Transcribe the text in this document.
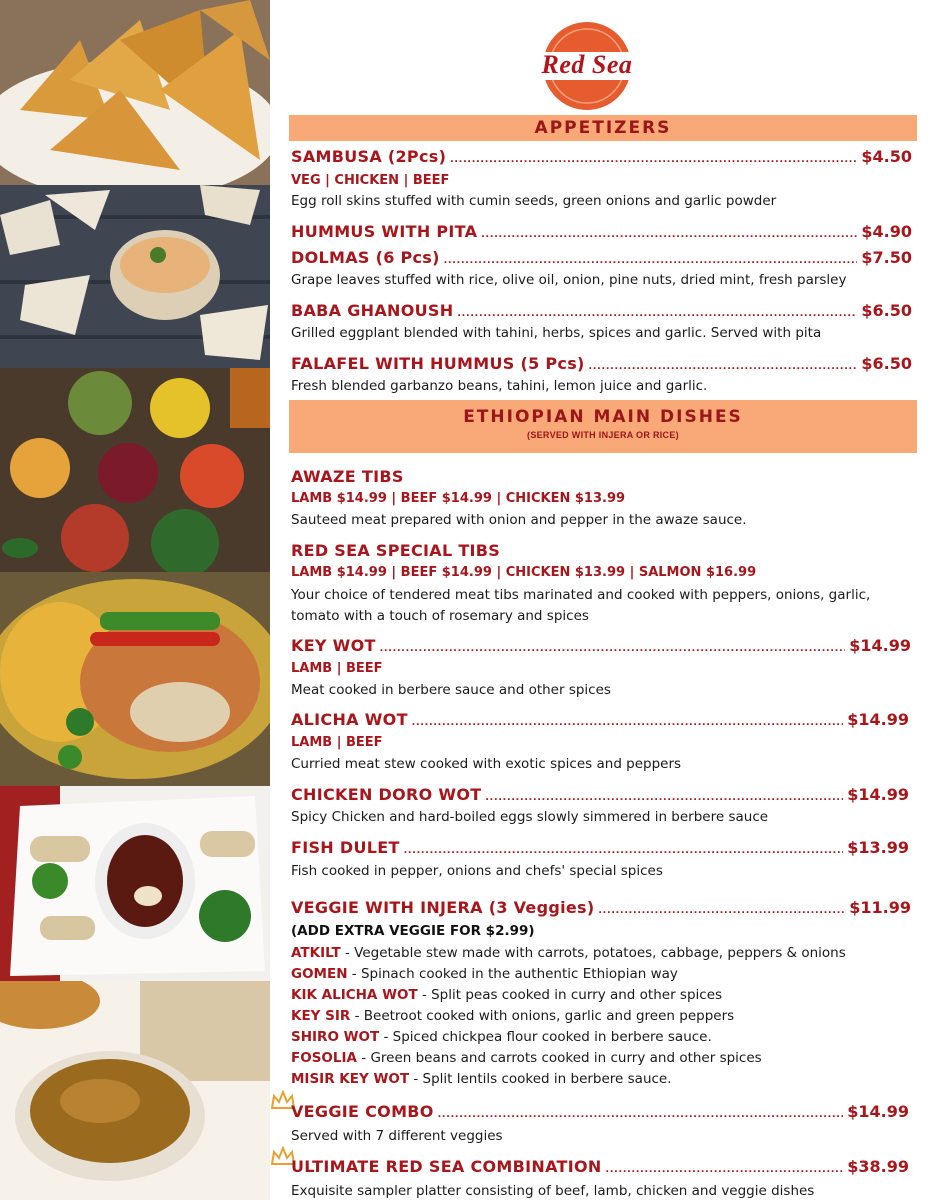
Red Sea
APPETIZERS
SAMBUSA (2Pcs) .....	$4.50
VEG | CHICKEN | BEEF
Egg roll skins stuffed with cumin seeds, green onions and garlic powder
HUMMUS WITH PITA .....	$4.90
DOLMAS (6 Pcs) .....	$7.50
Grape leaves stuffed with rice, olive oil, onion, pine nuts, dried mint, fresh parsley
BABA GHANOUSH .....	$6.50
Grilled eggplant blended with tahini, herbs, spices and garlic. Served with pita
FALAFEL WITH HUMMUS (5 Pcs) .....	$6.50
Fresh blended garbanzo beans, tahini, lemon juice and garlic.
ETHIOPIAN MAIN DISHES
(SERVED WITH INJERA OR RICE)
AWAZE TIBS
LAMB $14.99 | BEEF $14.99 | CHICKEN $13.99
Sauteed meat prepared with onion and pepper in the awaze sauce.
RED SEA SPECIAL TIBS
LAMB $14.99 | BEEF $14.99 | CHICKEN $13.99 | SALMON $16.99
Your choice of tendered meat tibs marinated and cooked with peppers, onions, garlic, tomato with a touch of rosemary and spices
KEY WOT .....	$14.99
LAMB | BEEF
Meat cooked in berbere sauce and other spices
ALICHA WOT .....	$14.99
LAMB | BEEF
Curried meat stew cooked with exotic spices and peppers
CHICKEN DORO WOT .....	$14.99
Spicy Chicken and hard-boiled eggs slowly simmered in berbere sauce
FISH DULET .....	$13.99
Fish cooked in pepper, onions and chefs' special spices
VEGGIE WITH INJERA (3 Veggies) .....	$11.99
(ADD EXTRA VEGGIE FOR $2.99)
ATKILT - Vegetable stew made with carrots, potatoes, cabbage, peppers & onions
GOMEN - Spinach cooked in the authentic Ethiopian way
KIK ALICHA WOT - Split peas cooked in curry and other spices
KEY SIR - Beetroot cooked with onions, garlic and green peppers
SHIRO WOT - Spiced chickpea flour cooked in berbere sauce.
FOSOLIA - Green beans and carrots cooked in curry and other spices
MISIR KEY WOT - Split lentils cooked in berbere sauce.
VEGGIE COMBO .....	$14.99
Served with 7 different veggies
ULTIMATE RED SEA COMBINATION .....	$38.99
Exquisite sampler platter consisting of beef, lamb, chicken and veggie dishes
